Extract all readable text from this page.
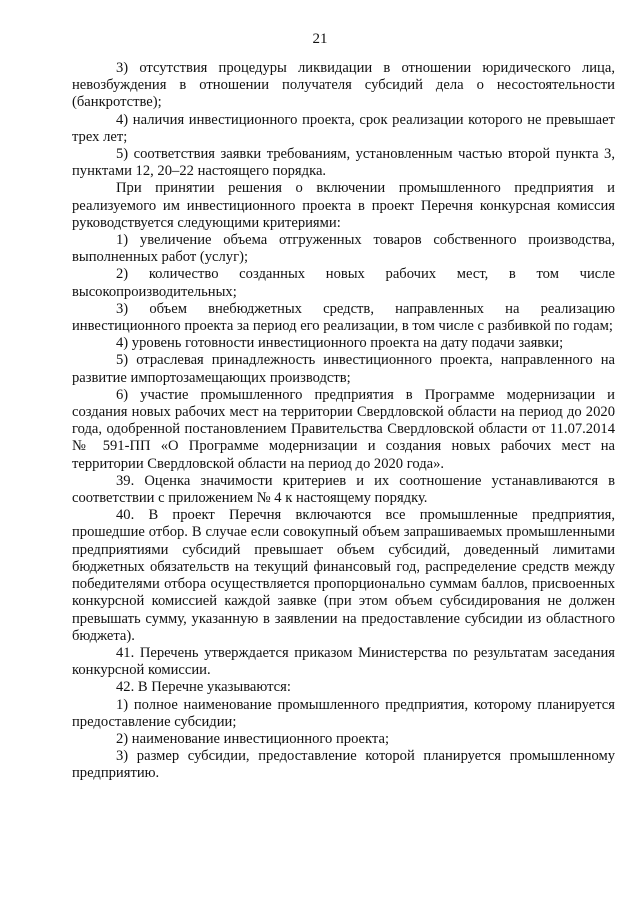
21

3) отсутствия процедуры ликвидации в отношении юридического лица, невозбуждения в отношении получателя субсидий дела о несостоятельности (банкротстве);

4) наличия инвестиционного проекта, срок реализации которого не превышает трех лет;

5) соответствия заявки требованиям, установленным частью второй пункта 3, пунктами 12, 20–22 настоящего порядка.

При принятии решения о включении промышленного предприятия и реализуемого им инвестиционного проекта в проект Перечня конкурсная комиссия руководствуется следующими критериями:

1) увеличение объема отгруженных товаров собственного производства, выполненных работ (услуг);

2) количество созданных новых рабочих мест, в том числе высокопроизводительных;

3) объем внебюджетных средств, направленных на реализацию инвестиционного проекта за период его реализации, в том числе с разбивкой по годам;

4) уровень готовности инвестиционного проекта на дату подачи заявки;

5) отраслевая принадлежность инвестиционного проекта, направленного на развитие импортозамещающих производств;

6) участие промышленного предприятия в Программе модернизации и создания новых рабочих мест на территории Свердловской области на период до 2020 года, одобренной постановлением Правительства Свердловской области от 11.07.2014 № 591-ПП «О Программе модернизации и создания новых рабочих мест на территории Свердловской области на период до 2020 года».

39. Оценка значимости критериев и их соотношение устанавливаются в соответствии с приложением № 4 к настоящему порядку.

40. В проект Перечня включаются все промышленные предприятия, прошедшие отбор. В случае если совокупный объем запрашиваемых промышленными предприятиями субсидий превышает объем субсидий, доведенный лимитами бюджетных обязательств на текущий финансовый год, распределение средств между победителями отбора осуществляется пропорционально суммам баллов, присвоенных конкурсной комиссией каждой заявке (при этом объем субсидирования не должен превышать сумму, указанную в заявлении на предоставление субсидии из областного бюджета).

41. Перечень утверждается приказом Министерства по результатам заседания конкурсной комиссии.

42. В Перечне указываются:

1) полное наименование промышленного предприятия, которому планируется предоставление субсидии;

2) наименование инвестиционного проекта;

3) размер субсидии, предоставление которой планируется промышленному предприятию.
